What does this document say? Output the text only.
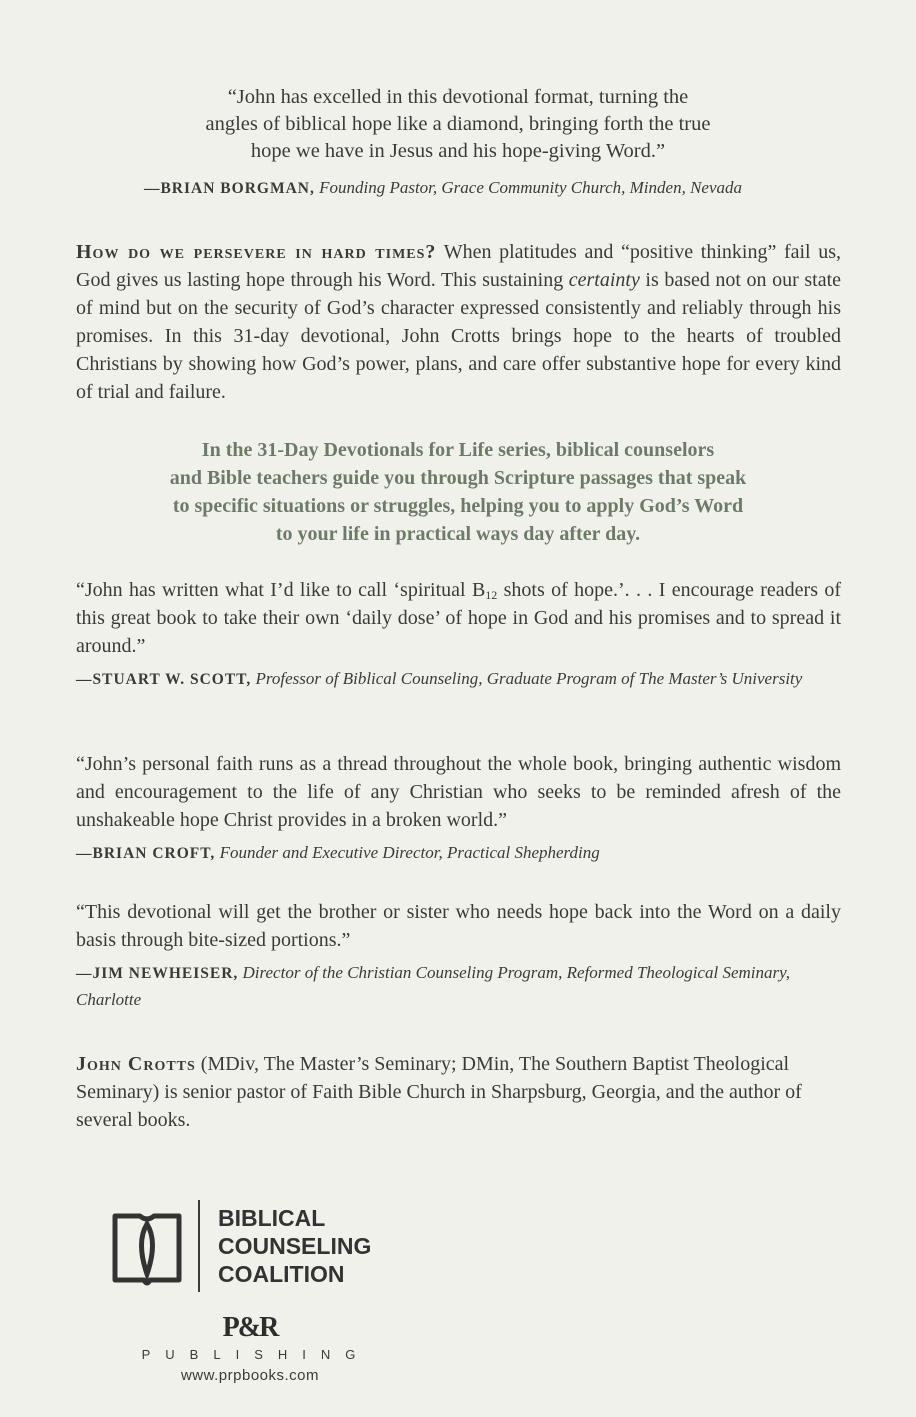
“John has excelled in this devotional format, turning the
angles of biblical hope like a diamond, bringing forth the true
hope we have in Jesus and his hope-giving Word.”
—BRIAN BORGMAN, Founding Pastor, Grace Community Church, Minden, Nevada
How do we persevere in hard times? When platitudes and “positive thinking” fail us, God gives us lasting hope through his Word. This sustaining certainty is based not on our state of mind but on the security of God’s character expressed consistently and reliably through his promises. In this 31-day devotional, John Crotts brings hope to the hearts of troubled Christians by showing how God’s power, plans, and care offer substantive hope for every kind of trial and failure.
In the 31-Day Devotionals for Life series, biblical counselors
and Bible teachers guide you through Scripture passages that speak
to specific situations or struggles, helping you to apply God’s Word
to your life in practical ways day after day.
“John has written what I’d like to call ‘spiritual $B_{12}$ shots of hope.’. . . I encourage readers of this great book to take their own ‘daily dose’ of hope in God and his promises and to spread it around.”
—STUART W. SCOTT, Professor of Biblical Counseling, Graduate Program of The Master’s University
“John’s personal faith runs as a thread throughout the whole book, bringing authentic wisdom and encouragement to the life of any Christian who seeks to be reminded afresh of the unshakeable hope Christ provides in a broken world.”
—BRIAN CROFT, Founder and Executive Director, Practical Shepherding
“This devotional will get the brother or sister who needs hope back into the Word on a daily basis through bite-sized portions.”
—JIM NEWHEISER, Director of the Christian Counseling Program, Reformed Theological Seminary, Charlotte
John Crotts (MDiv, The Master’s Seminary; DMin, The Southern Baptist Theological Seminary) is senior pastor of Faith Bible Church in Sharpsburg, Georgia, and the author of several books.
BIBLICAL
COUNSELING
COALITION
P&R
PUBLISHING
www.prpbooks.com
